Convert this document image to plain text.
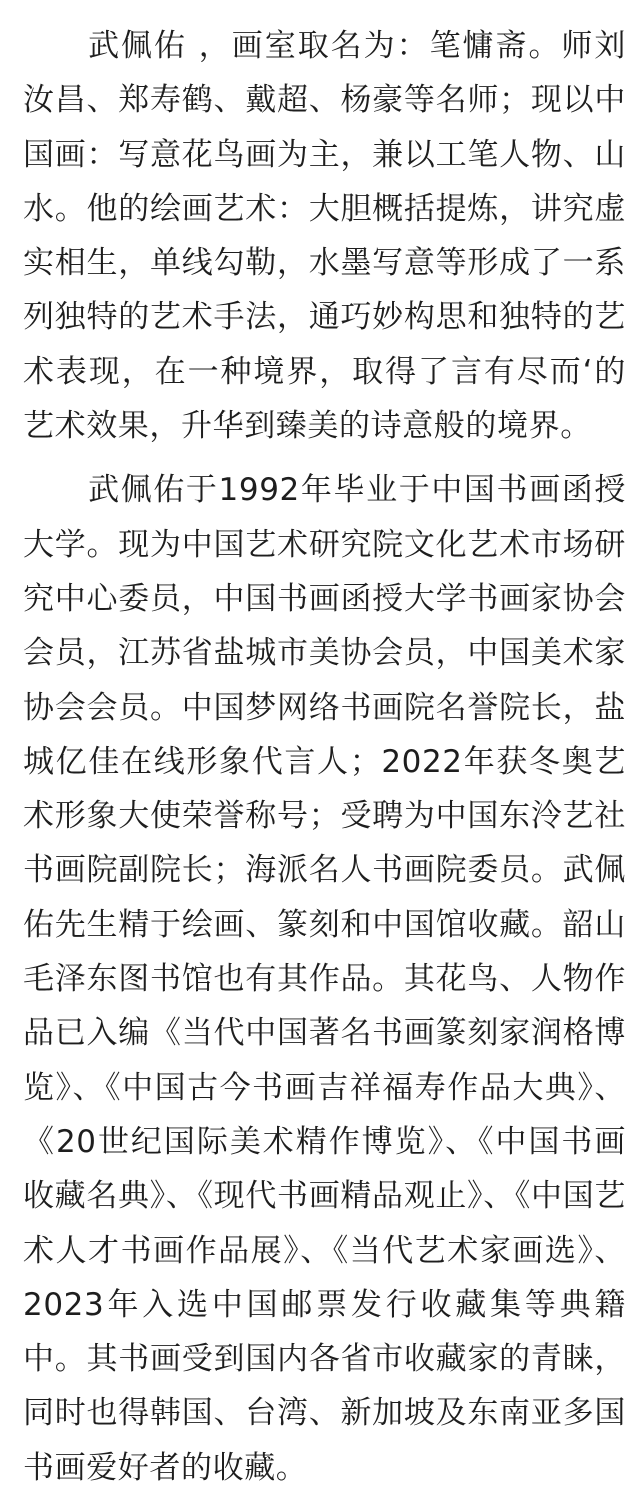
武佩佑 ，画室取名为：笔慵斋。师刘汝昌、郑寿鹤、戴超、杨豪等名师；现以中国画：写意花鸟画为主，兼以工笔人物、山水。他的绘画艺术：大胆概括提炼，讲究虚实相生，单线勾勒，水墨写意等形成了一系列独特的艺术手法，通巧妙构思和独特的艺术表现，在一种境界，取得了言有尽而‘的艺术效果，升华到臻美的诗意般的境界。

武佩佑于1992年毕业于中国书画函授大学。现为中国艺术研究院文化艺术市场研究中心委员，中国书画函授大学书画家协会会员，江苏省盐城市美协会员，中国美术家协会会员。中国梦网络书画院名誉院长，盐城亿佳在线形象代言人；2022年获冬奥艺术形象大使荣誉称号；受聘为中国东泠艺社书画院副院长；海派名人书画院委员。武佩佑先生精于绘画、篆刻和中国馆收藏。韶山毛泽东图书馆也有其作品。其花鸟、人物作品已入编《当代中国著名书画篆刻家润格博览》、《中国古今书画吉祥福寿作品大典》、《20世纪国际美术精作博览》、《中国书画收藏名典》、《现代书画精品观止》、《中国艺术人才书画作品展》、《当代艺术家画选》、2023年入选中国邮票发行收藏集等典籍中。其书画受到国内各省市收藏家的青睐，同时也得韩国、台湾、新加坡及东南亚多国书画爱好者的收藏。
